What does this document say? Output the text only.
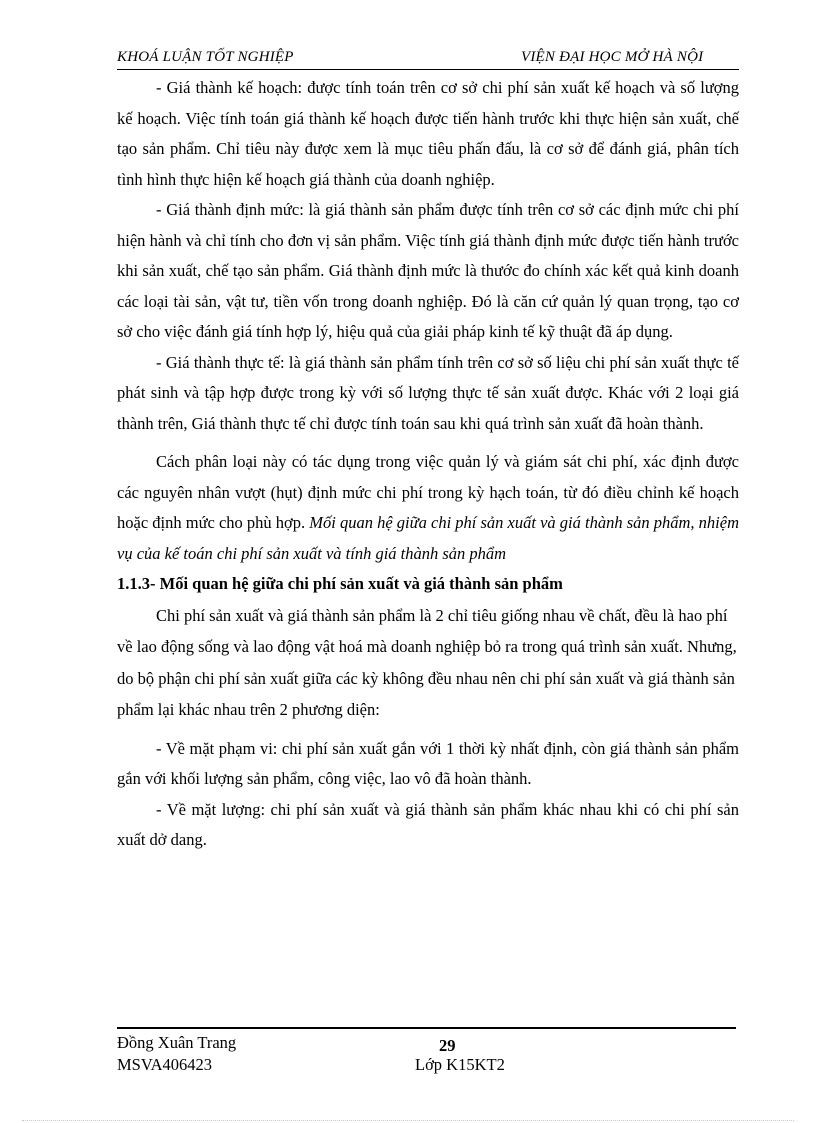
KHOÁ LUẬN TỐT NGHIỆP	VIỆN ĐẠI HỌC MỞ HÀ NỘI

- Giá thành kế hoạch: được tính toán trên cơ sở chi phí sản xuất kế hoạch và số lượng kế hoạch. Việc tính toán giá thành kế hoạch được tiến hành trước khi thực hiện sản xuất, chế tạo sản phẩm. Chỉ tiêu này được xem là mục tiêu phấn đấu, là cơ sở để đánh giá, phân tích tình hình thực hiện kế hoạch giá thành của doanh nghiệp.

- Giá thành định mức: là giá thành sản phẩm được tính trên cơ sở các định mức chi phí hiện hành và chỉ tính cho đơn vị sản phẩm. Việc tính giá thành định mức được tiến hành trước khi sản xuất, chế tạo sản phẩm. Giá thành định mức là thước đo chính xác kết quả kinh doanh các loại tài sản, vật tư, tiền vốn trong doanh nghiệp. Đó là căn cứ quản lý quan trọng, tạo cơ sở cho việc đánh giá tính hợp lý, hiệu quả của giải pháp kinh tế kỹ thuật đã áp dụng.

- Giá thành thực tế: là giá thành sản phẩm tính trên cơ sở số liệu chi phí sản xuất thực tế phát sinh và tập hợp được trong kỳ với số lượng thực tế sản xuất được. Khác với 2 loại giá thành trên, Giá thành thực tế chỉ được tính toán sau khi quá trình sản xuất đã hoàn thành.

Cách phân loại này có tác dụng trong việc quản lý và giám sát chi phí, xác định được các nguyên nhân vượt (hụt) định mức chi phí trong kỳ hạch toán, từ đó điều chỉnh kế hoạch hoặc định mức cho phù hợp. Mối quan hệ giữa chi phí sản xuất và giá thành sản phẩm, nhiệm vụ của kế toán chi phí sản xuất và tính giá thành sản phẩm

1.1.3- Mối quan hệ giữa chi phí sản xuất và giá thành sản phẩm

Chi phí sản xuất và giá thành sản phẩm là 2 chỉ tiêu giống nhau về chất, đều là hao phí về lao động sống và lao động vật hoá mà doanh nghiệp bỏ ra trong quá trình sản xuất. Nhưng, do bộ phận chi phí sản xuất giữa các kỳ không đều nhau nên chi phí sản xuất và giá thành sản phẩm lại khác nhau trên 2 phương diện:

- Về mặt phạm vi: chi phí sản xuất gắn với 1 thời kỳ nhất định, còn giá thành sản phẩm gắn với khối lượng sản phẩm, công việc, lao vô đã hoàn thành.

- Về mặt lượng: chi phí sản xuất và giá thành sản phẩm khác nhau khi có chi phí sản xuất dở dang.

Đồng Xuân Trang
MSVA406423
29
Lớp K15KT2
